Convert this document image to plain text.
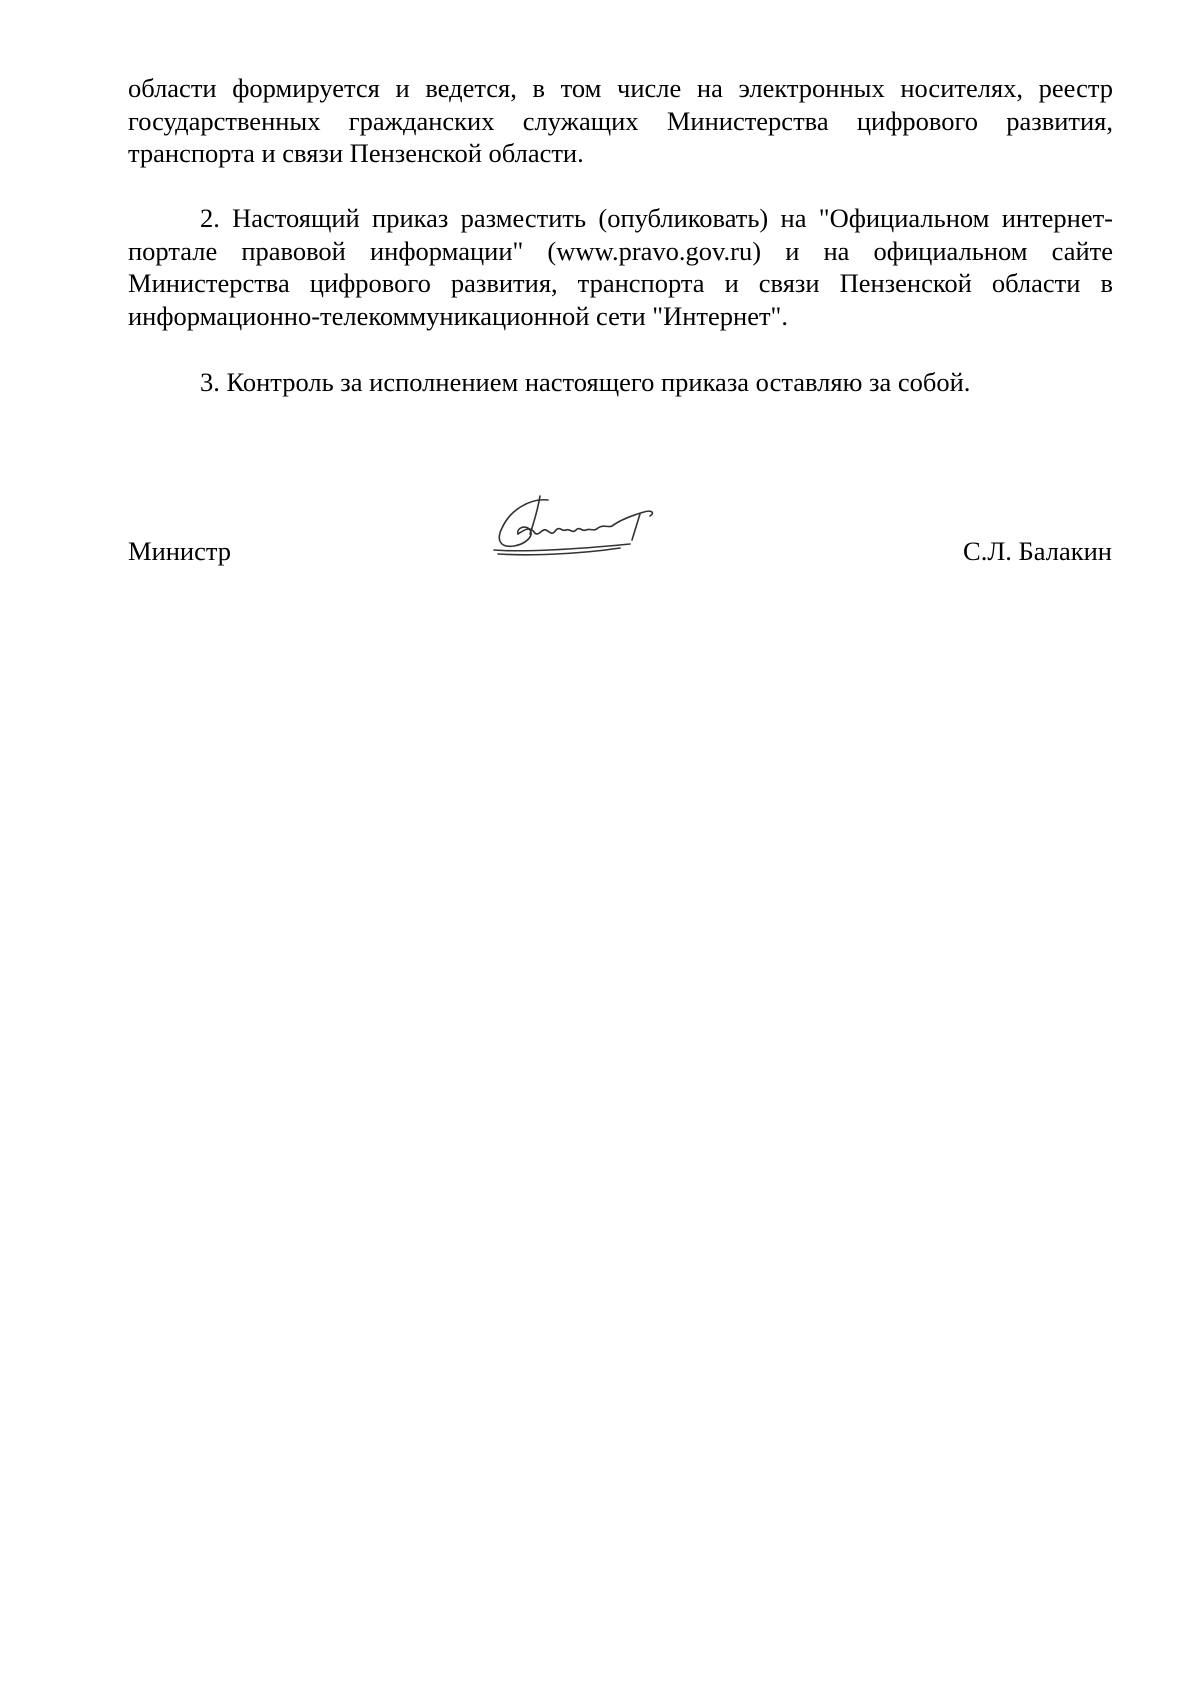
области формируется и ведется, в том числе на электронных носителях, реестр государственных гражданских служащих Министерства цифрового развития, транспорта и связи Пензенской области.

2. Настоящий приказ разместить (опубликовать) на "Официальном интернет-портале правовой информации" (www.pravo.gov.ru) и на официальном сайте Министерства цифрового развития, транспорта и связи Пензенской области в информационно-телекоммуникационной сети "Интернет".

3. Контроль за исполнением настоящего приказа оставляю за собой.

Министр	С.Л. Балакин
